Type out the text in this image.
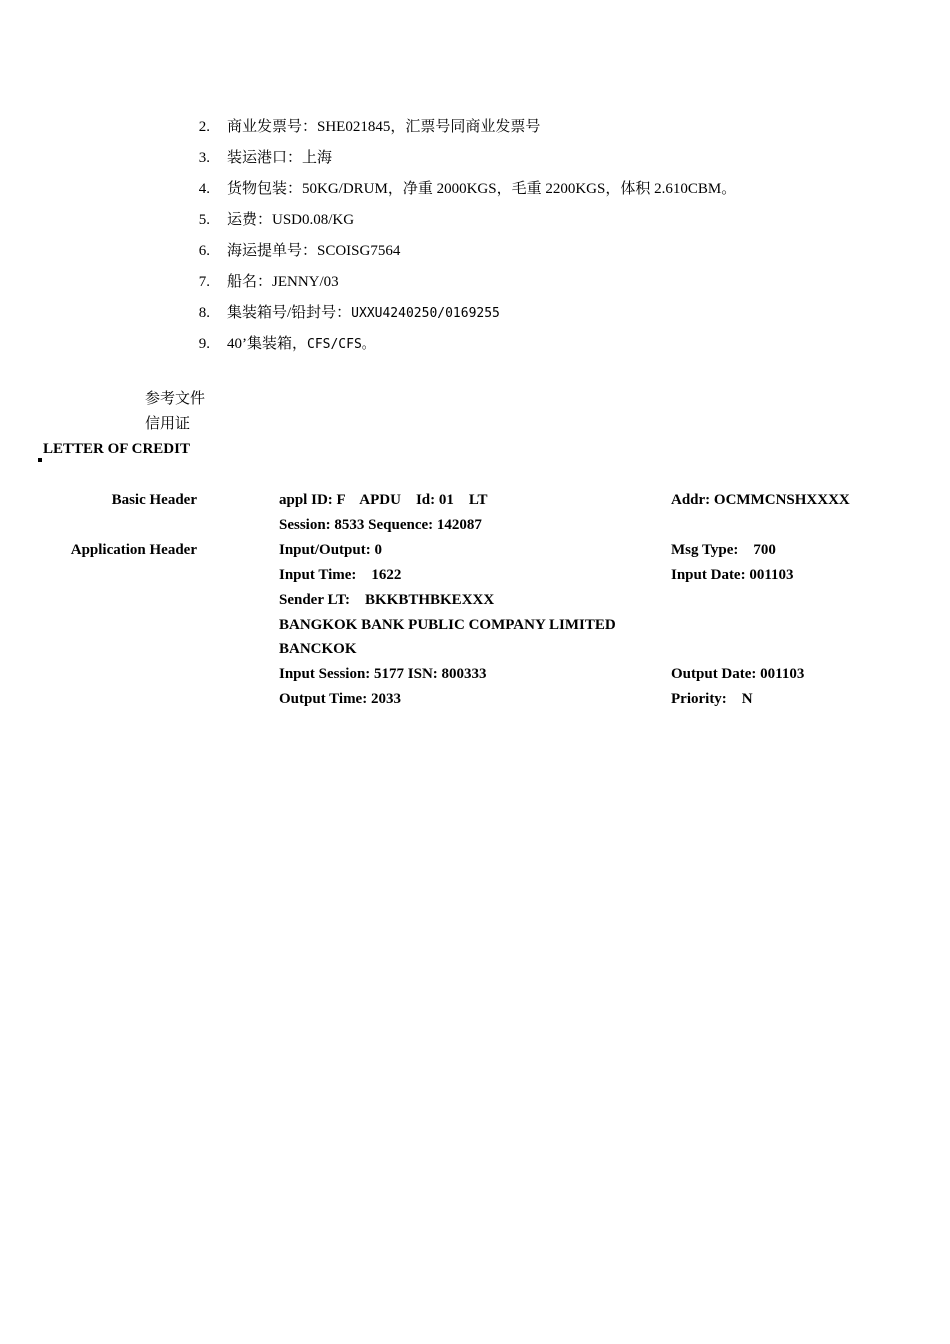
2. 商业发票号：SHE021845，汇票号同商业发票号
3. 装运港口：上海
4. 货物包装：50KG/DRUM，净重 2000KGS，毛重 2200KGS，体积 2.610CBM。
5. 运费：USD0.08/KG
6. 海运提单号：SCOISG7564
7. 船名：JENNY/03
8. 集装箱号/铅封号：UXXU4240250/0169255
9. 40’集装箱，CFS/CFS。
参考文件
信用证
LETTER OF CREDIT
Basic Header	appl ID: F    APDU    Id: 01    LT	Addr: OCMMCNSHXXXX
Session: 8533 Sequence: 142087
Application Header	Input/Output: 0	Msg Type:    700
Input Time:    1622	Input Date: 001103
Sender LT:    BKKBTHBKEXXX
BANGKOK BANK PUBLIC COMPANY LIMITED
BANCKOK
Input Session: 5177 ISN: 800333	Output Date: 001103
Output Time: 2033	Priority:    N
